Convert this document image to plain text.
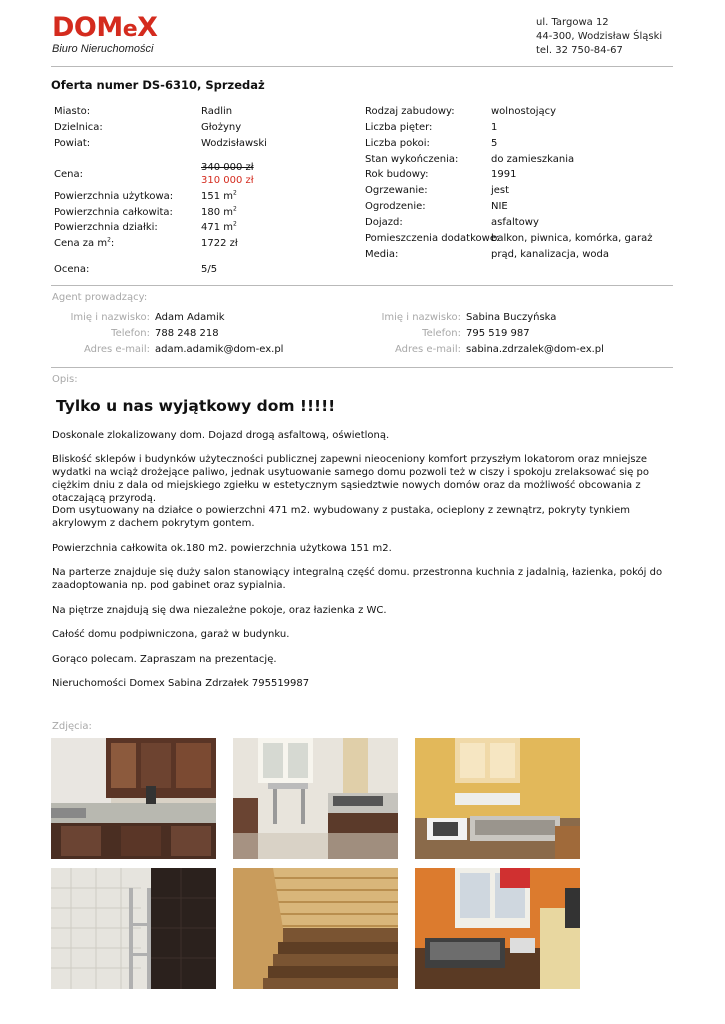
DOMeX
Biuro Nieruchomości
ul. Targowa 12
44-300, Wodzisław Śląski
tel. 32 750-84-67
Oferta numer DS-6310, Sprzedaż
Miasto:	Radlin
Dzielnica:	Głożyny
Powiat:	Wodzisławski
Cena:
340 000 zł
310 000 zł
Powierzchnia użytkowa:	151 $m^2$
Powierzchnia całkowita:	180 $m^2$
Powierzchnia działki:	471 $m^2$
Cena za $m^2$:	1722 zł
Ocena:	5/5
Rodzaj zabudowy:	wolnostojący
Liczba pięter:	1
Liczba pokoi:	5
Stan wykończenia:	do zamieszkania
Rok budowy:	1991
Ogrzewanie:	jest
Ogrodzenie:	NIE
Dojazd:	asfaltowy
Pomieszczenia dodatkowe:
balkon, piwnica, komórka, garaż
Media:	prąd, kanalizacja, woda
Agent prowadzący:
Imię i nazwisko: Adam Adamik
Telefon: 788 248 218
Adres e-mail: adam.adamik@dom-ex.pl
Imię i nazwisko: Sabina Buczyńska
Telefon: 795 519 987
Adres e-mail: sabina.zdrzalek@dom-ex.pl
Opis:
Tylko u nas wyjątkowy dom !!!!!
Doskonale zlokalizowany dom. Dojazd drogą asfaltową, oświetloną.
Bliskość sklepów i budynków użyteczności publicznej zapewni nieoceniony komfort przyszłym lokatorom oraz mniejsze wydatki na wciąż drożejące paliwo, jednak usytuowanie samego domu pozwoli też w ciszy i spokoju zrelaksować się po ciężkim dniu z dala od miejskiego zgiełku w estetycznym sąsiedztwie nowych domów oraz da możliwość obcowania z otaczającą przyrodą.
Dom usytuowany na działce o powierzchni 471 m2. wybudowany z pustaka, ocieplony z zewnątrz, pokryty tynkiem akrylowym z dachem pokrytym gontem.
Powierzchnia całkowita ok.180 m2. powierzchnia użytkowa 151 m2.
Na parterze znajduje się duży salon stanowiący integralną część domu. przestronna kuchnia z jadalnią, łazienka, pokój do zaadoptowania np. pod gabinet oraz sypialnia.
Na piętrze znajdują się dwa niezależne pokoje, oraz łazienka z WC.
Całość domu podpiwniczona, garaż w budynku.
Gorąco polecam. Zapraszam na prezentację.
Nieruchomości Domex Sabina Zdrzałek 795519987
Zdjęcia:
